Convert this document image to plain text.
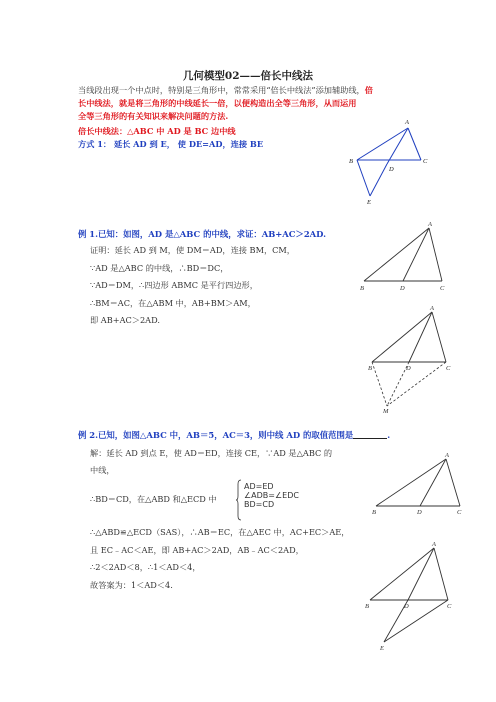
几何模型02——倍长中线法
当线段出现一个中点时，特别是三角形中，常常采用“倍长中线法”添加辅助线，倍
长中线法，就是将三角形的中线延长一倍，以便构造出全等三角形，从而运用
全等三角形的有关知识来解决问题的方法.
倍长中线法：△ABC 中 AD 是 BC 边中线
方式 1： 延长 AD 到 E， 使 DE=AD，连接 BE
A
B	C
D
E
例 1.已知：如图，AD 是△ABC 的中线，求证：AB+AC＞2AD.
证明：延长 AD 到 M，使 DM＝AD，连接 BM，CM，
∵AD 是△ABC 的中线，∴BD＝DC，
∵AD＝DM，∴四边形 ABMC 是平行四边形，
∴BM＝AC，在△ABM 中，AB+BM＞AM，
即 AB+AC＞2AD.
A
B	D	C
A
B	D	C
M
例 2.已知，如图△ABC 中，AB＝5，AC＝3，则中线 AD 的取值范围是	.
解：延长 AD 到点 E，使 AD＝ED，连接 CE，∵AD 是△ABC 的
中线，
∴BD＝CD，在△ABD 和△ECD 中
AD=ED
∠ADB=∠EDC
BD=CD
∴△ABD≌△ECD（SAS），∴AB＝EC，在△AEC 中，AC+EC＞AE，
且 EC﹣AC＜AE，即 AB+AC＞2AD，AB﹣AC＜2AD，
∴2＜2AD＜8，∴1＜AD＜4，
故答案为：1＜AD＜4.
A
B	D	C
A
B	D	C
E
